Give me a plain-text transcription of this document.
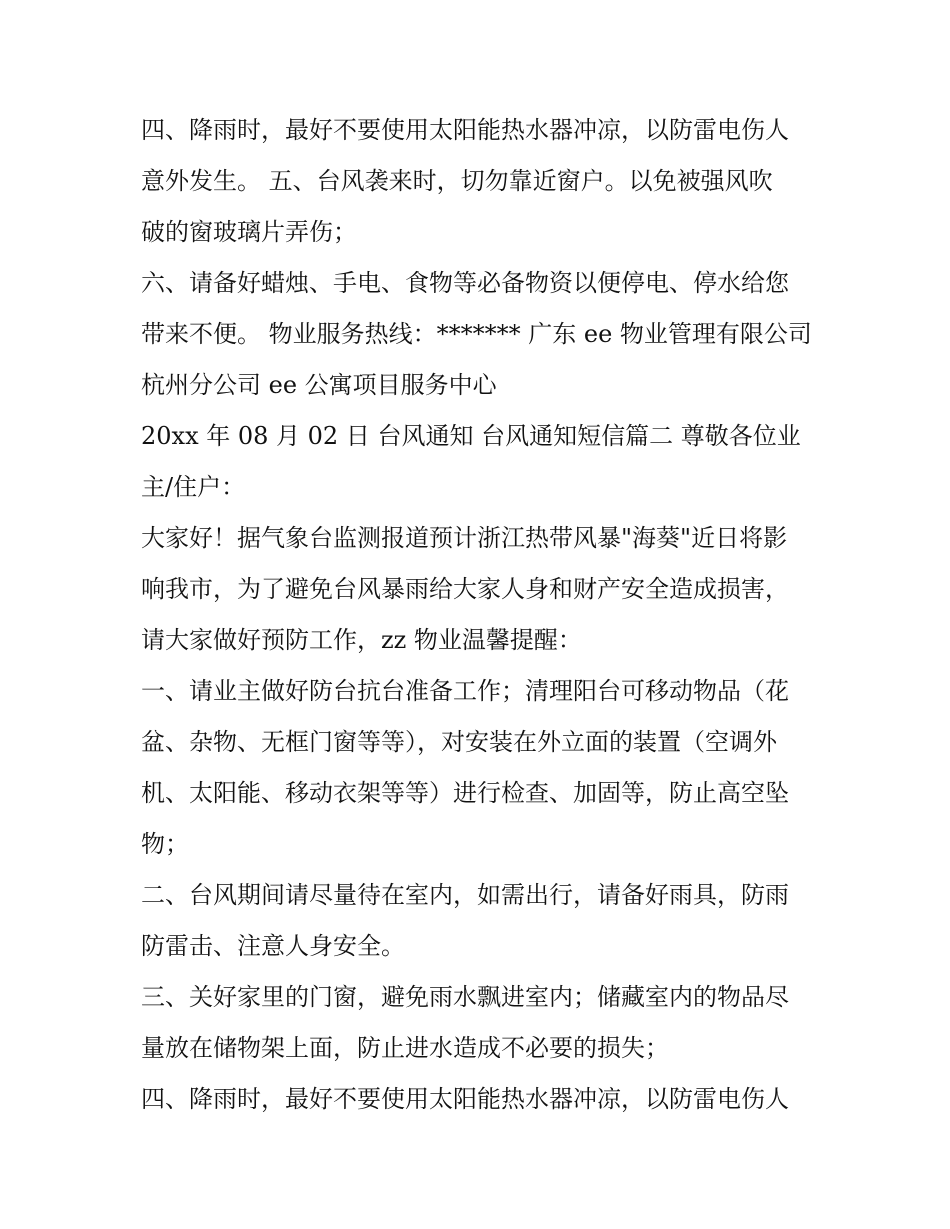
四、降雨时，最好不要使用太阳能热水器冲凉，以防雷电伤人
意外发生。 五、台风袭来时，切勿靠近窗户。以免被强风吹
破的窗玻璃片弄伤；
六、请备好蜡烛、手电、食物等必备物资以便停电、停水给您
带来不便。 物业服务热线：******* 广东 ee 物业管理有限公司
杭州分公司 ee 公寓项目服务中心
20xx 年 08 月 02 日 台风通知 台风通知短信篇二 尊敬各位业
主/住户：
大家好！据气象台监测报道预计浙江热带风暴"海葵"近日将影
响我市，为了避免台风暴雨给大家人身和财产安全造成损害，
请大家做好预防工作，zz 物业温馨提醒：
一、请业主做好防台抗台准备工作；清理阳台可移动物品（花
盆、杂物、无框门窗等等），对安装在外立面的装置（空调外
机、太阳能、移动衣架等等）进行检查、加固等，防止高空坠
物；
二、台风期间请尽量待在室内，如需出行，请备好雨具，防雨
防雷击、注意人身安全。
三、关好家里的门窗，避免雨水飘进室内；储藏室内的物品尽
量放在储物架上面，防止进水造成不必要的损失；
四、降雨时，最好不要使用太阳能热水器冲凉，以防雷电伤人
